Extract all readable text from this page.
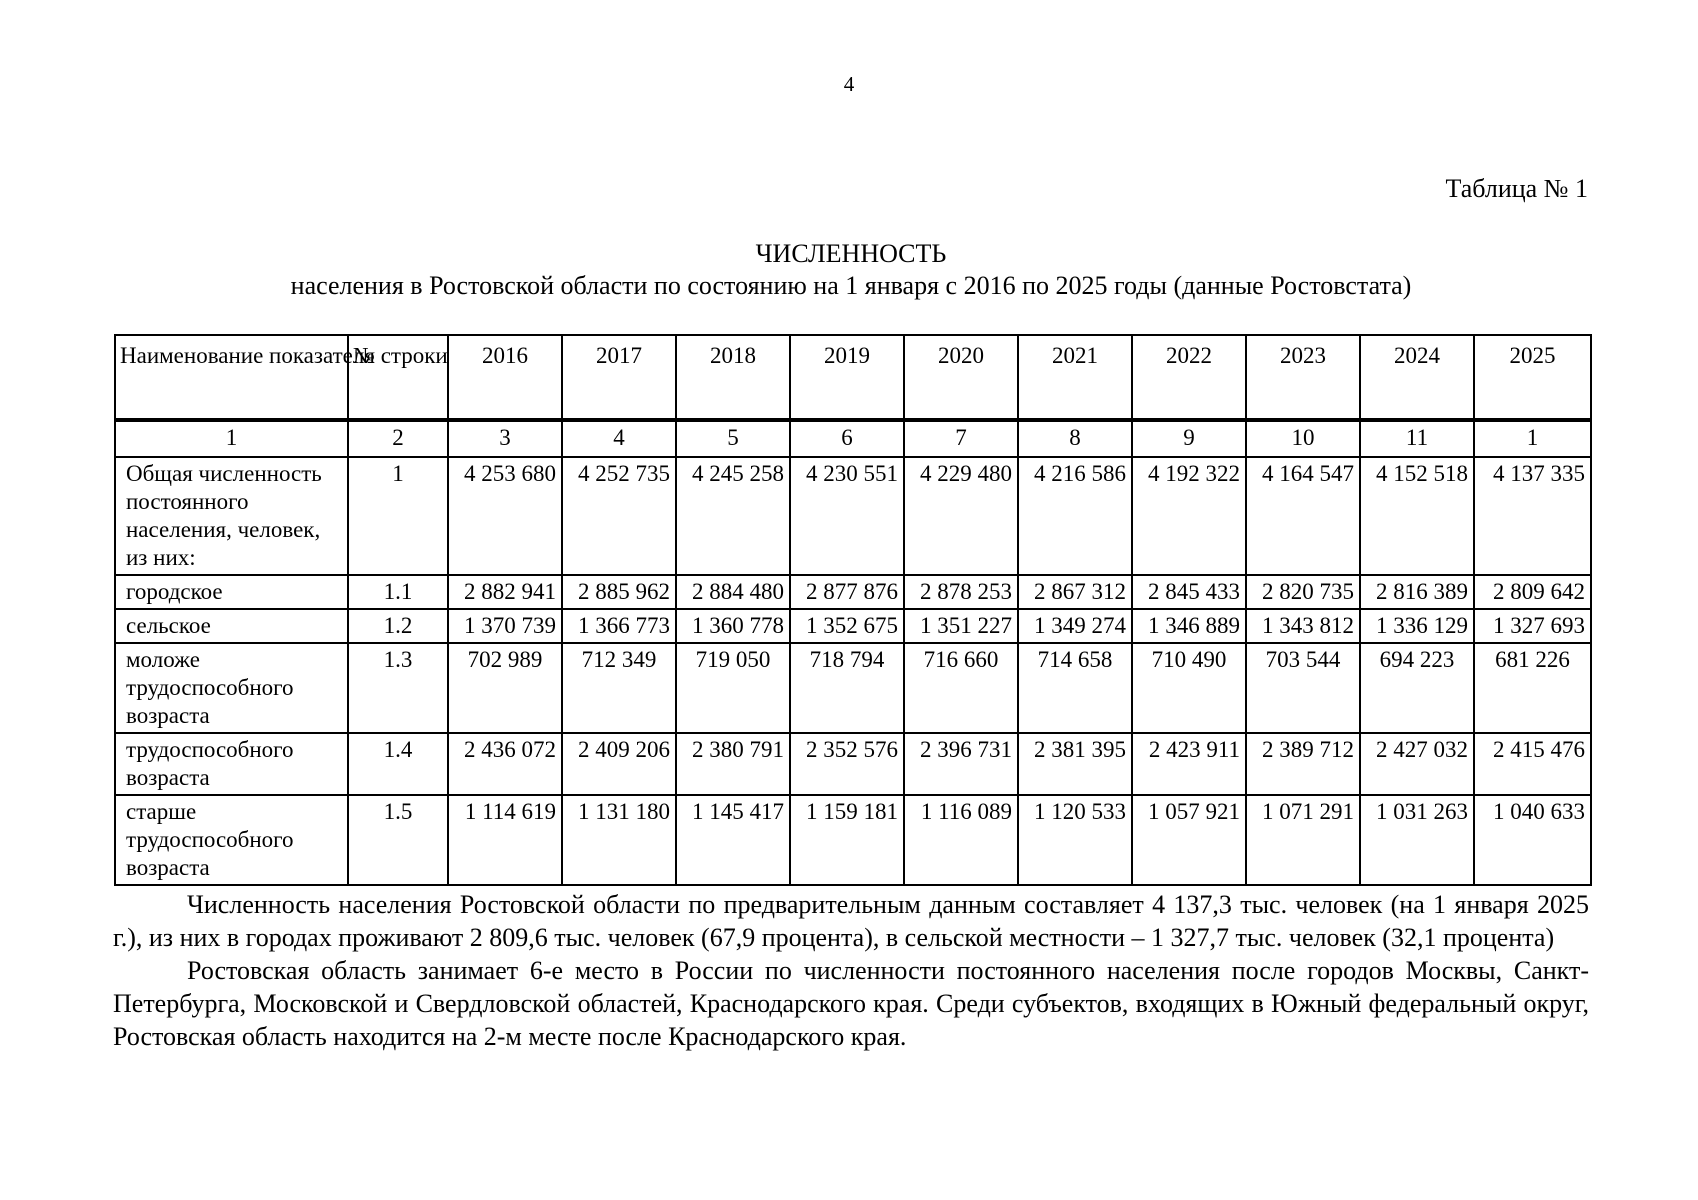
4
Таблица № 1
ЧИСЛЕННОСТЬ
населения в Ростовской области по состоянию на 1 января с 2016 по 2025 годы (данные Ростовстата)
Наименование показателя	№ строки	2016	2017	2018	2019	2020	2021	2022	2023	2024	2025
1	2	3	4	5	6	7	8	9	10	11	1
Общая численность постоянного населения, человек, из них:	1	4 253 680	4 252 735	4 245 258	4 230 551	4 229 480	4 216 586	4 192 322	4 164 547	4 152 518	4 137 335
городское	1.1	2 882 941	2 885 962	2 884 480	2 877 876	2 878 253	2 867 312	2 845 433	2 820 735	2 816 389	2 809 642
сельское	1.2	1 370 739	1 366 773	1 360 778	1 352 675	1 351 227	1 349 274	1 346 889	1 343 812	1 336 129	1 327 693
моложе трудоспособного возраста	1.3	702 989	712 349	719 050	718 794	716 660	714 658	710 490	703 544	694 223	681 226
трудоспособного возраста	1.4	2 436 072	2 409 206	2 380 791	2 352 576	2 396 731	2 381 395	2 423 911	2 389 712	2 427 032	2 415 476
старше трудоспособного возраста	1.5	1 114 619	1 131 180	1 145 417	1 159 181	1 116 089	1 120 533	1 057 921	1 071 291	1 031 263	1 040 633

Численность населения Ростовской области по предварительным данным составляет 4 137,3 тыс. человек (на 1 января 2025 г.), из них в городах проживают 2 809,6 тыс. человек (67,9 процента), в сельской местности – 1 327,7 тыс. человек (32,1 процента)

Ростовская область занимает 6-е место в России по численности постоянного населения после городов Москвы, Санкт-Петербурга, Московской и Свердловской областей, Краснодарского края. Среди субъектов, входящих в Южный федеральный округ, Ростовская область находится на 2-м месте после Краснодарского края.
